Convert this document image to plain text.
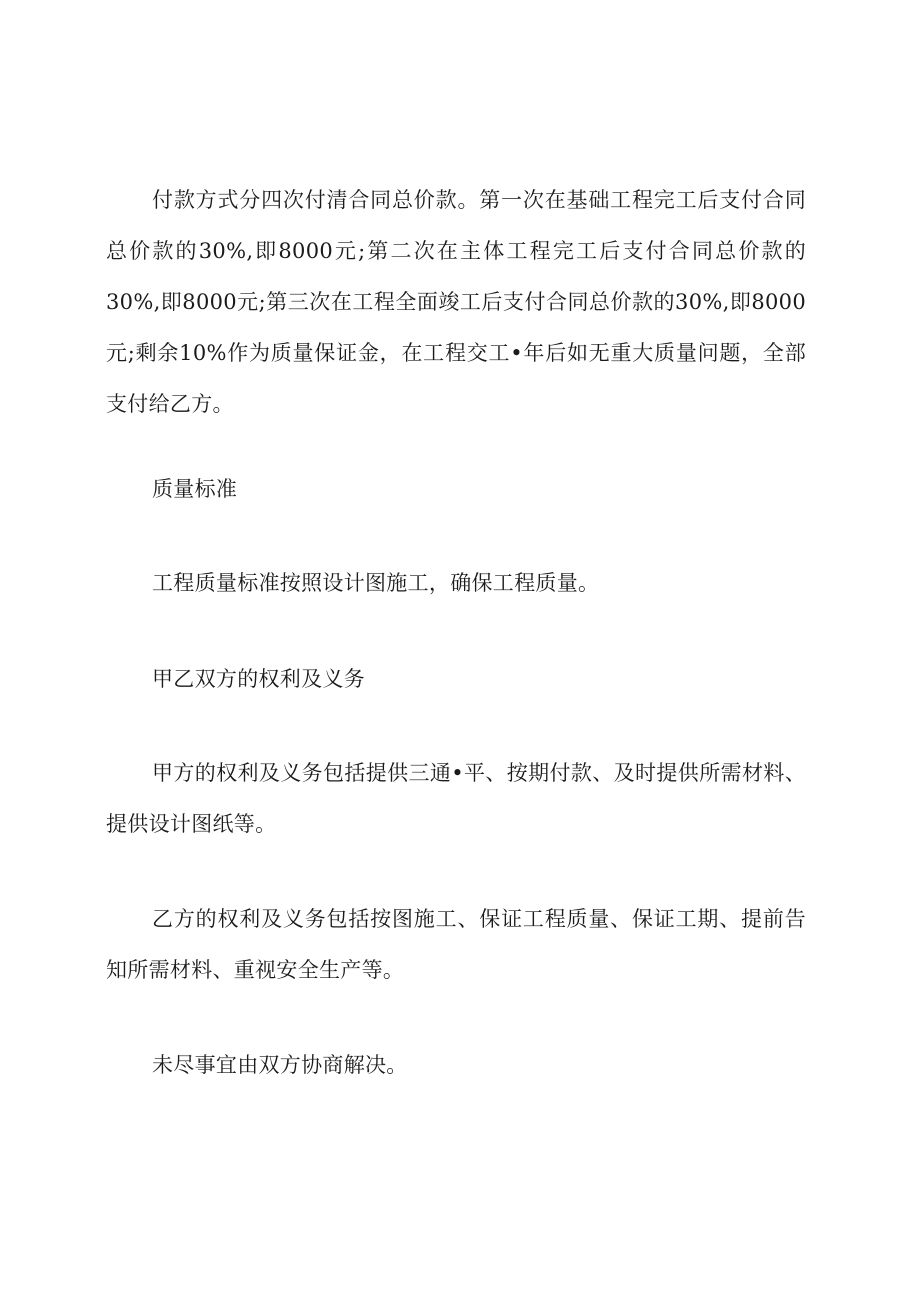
付款方式分四次付清合同总价款。第一次在基础工程完工后支付合同总价款的30%,即8000元;第二次在主体工程完工后支付合同总价款的30%,即8000元;第三次在工程全面竣工后支付合同总价款的30%,即8000元;剩余10%作为质量保证金，在工程交工•年后如无重大质量问题，全部支付给乙方。

质量标准

工程质量标准按照设计图施工，确保工程质量。

甲乙双方的权利及义务

甲方的权利及义务包括提供三通•平、按期付款、及时提供所需材料、提供设计图纸等。

乙方的权利及义务包括按图施工、保证工程质量、保证工期、提前告知所需材料、重视安全生产等。

未尽事宜由双方协商解决。
